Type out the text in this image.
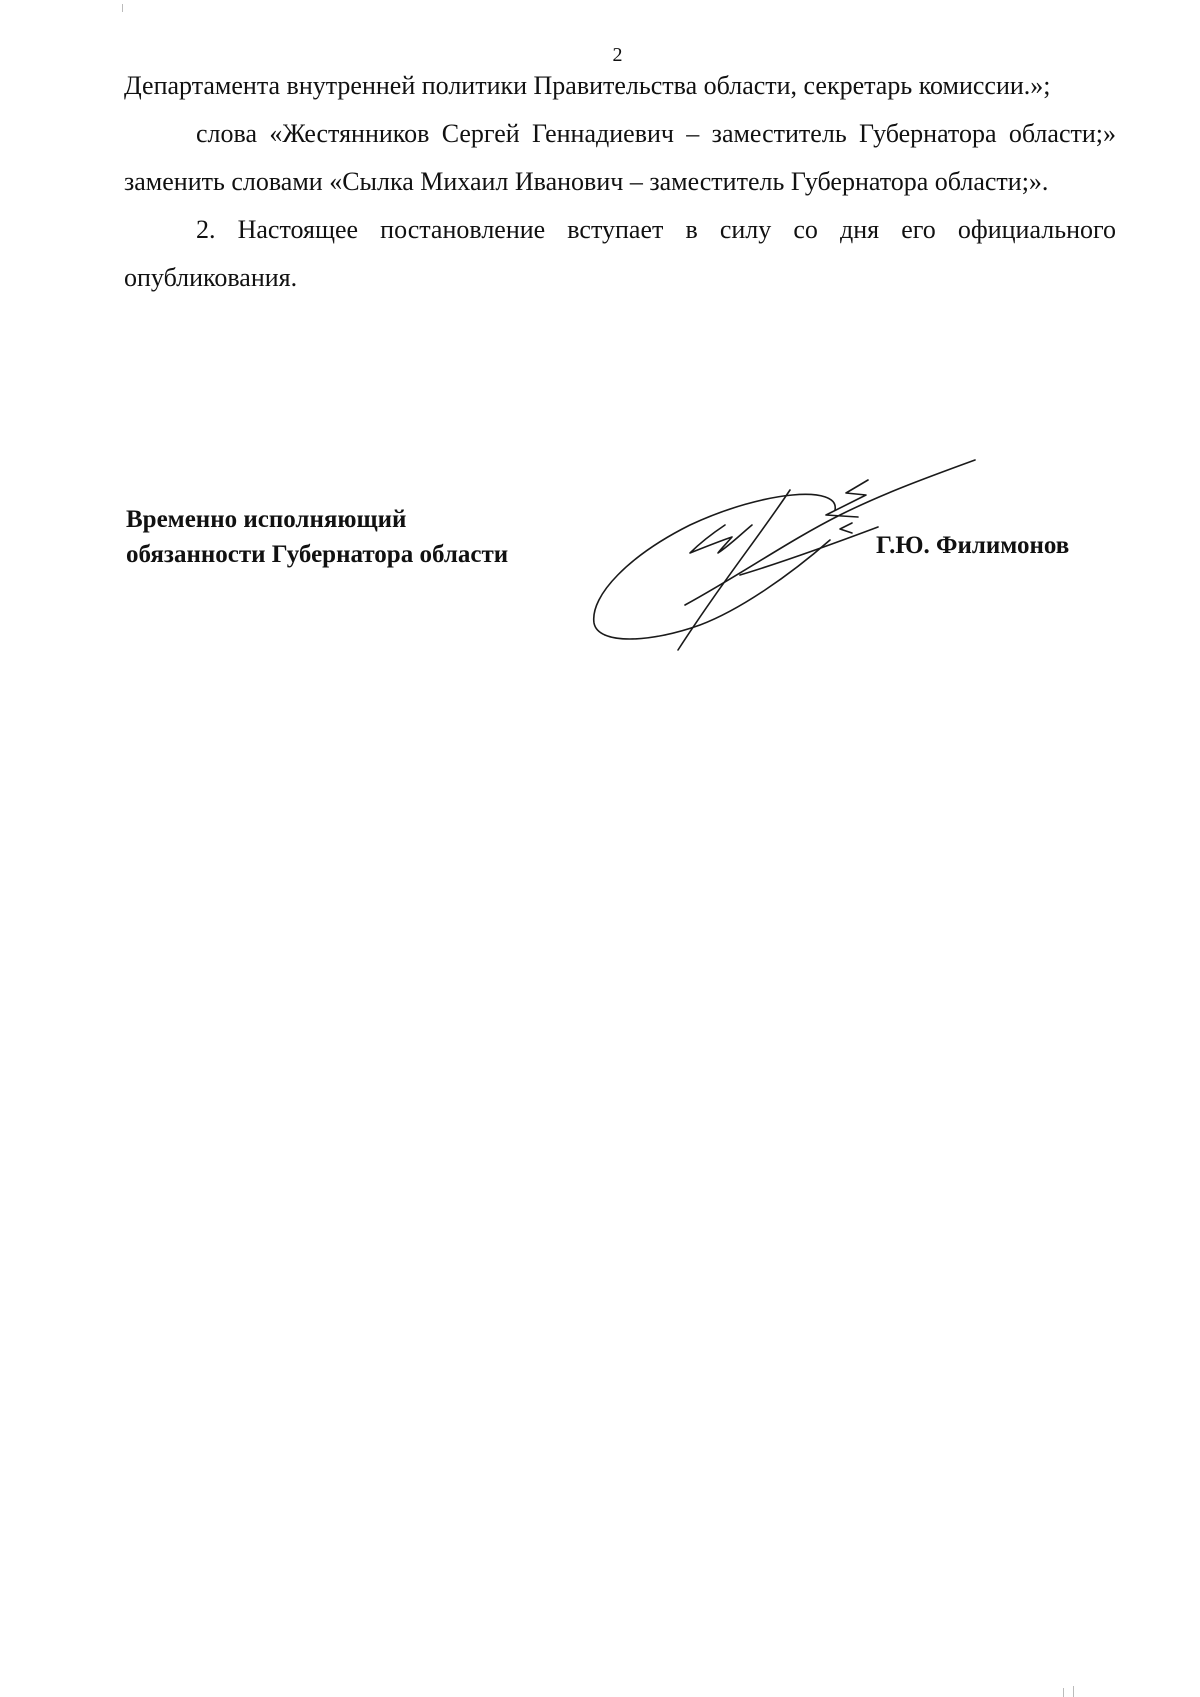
2

Департамента внутренней политики Правительства области, секретарь комиссии.»;

слова «Жестянников Сергей Геннадиевич – заместитель Губернатора области;» заменить словами «Сылка Михаил Иванович – заместитель Губернатора области;».

2. Настоящее постановление вступает в силу со дня его официального опубликования.

Временно исполняющий
обязанности Губернатора области	Г.Ю. Филимонов
